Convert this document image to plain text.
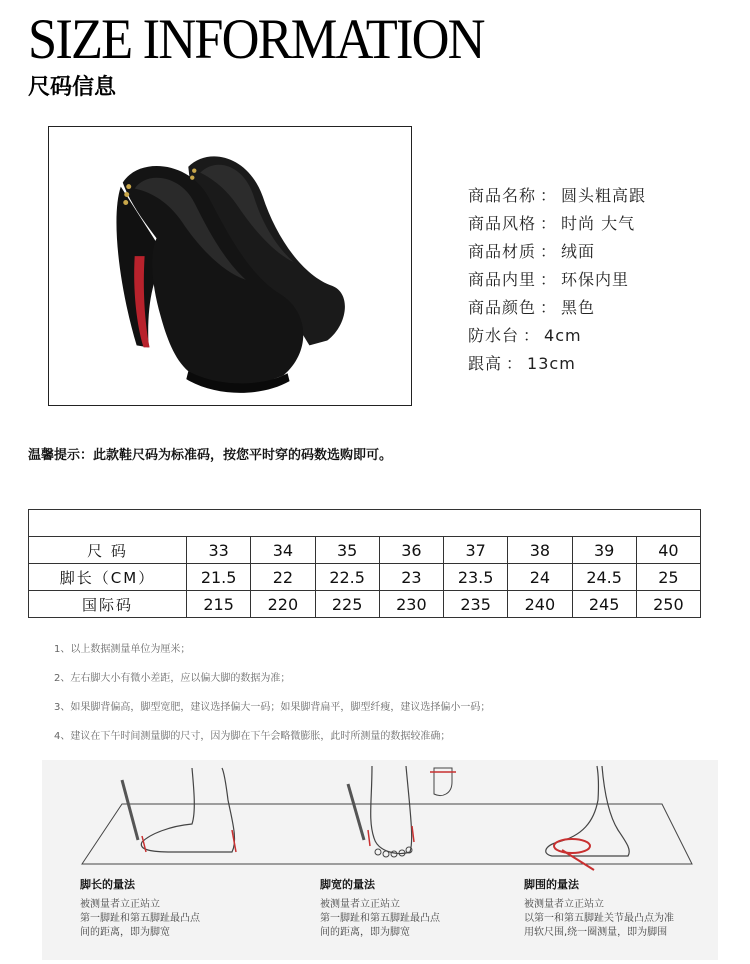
SIZE INFORMATION
尺码信息
商品名称 ： 圆头粗高跟
商品风格 ： 时尚 大气
商品材质 ： 绒面
商品内里 ： 环保内里
商品颜色 ： 黑色
防水台 ： 4cm
跟高 ： 13cm
温馨提示：此款鞋尺码为标准码，按您平时穿的码数选购即可。

尺 码	33	34	35	36	37	38	39	40
脚长（CM）	21.5	22	22.5	23	23.5	24	24.5	25
国际码	215	220	225	230	235	240	245	250
1、以上数据测量单位为厘米；
2、左右脚大小有微小差距，应以偏大脚的数据为准；
3、如果脚背偏高，脚型宽肥，建议选择偏大一码；如果脚背扁平，脚型纤瘦，建议选择偏小一码；
4、建议在下午时间测量脚的尺寸，因为脚在下午会略微膨胀，此时所测量的数据较准确；
脚长的量法
被测量者立正站立
第一脚趾和第五脚趾最凸点
间的距离，即为脚宽
脚宽的量法
被测量者立正站立
第一脚趾和第五脚趾最凸点
间的距离，即为脚宽
脚围的量法
被测量者立正站立
以第一和第五脚趾关节最凸点为准
用软尺围,绕一圈测量，即为脚围
